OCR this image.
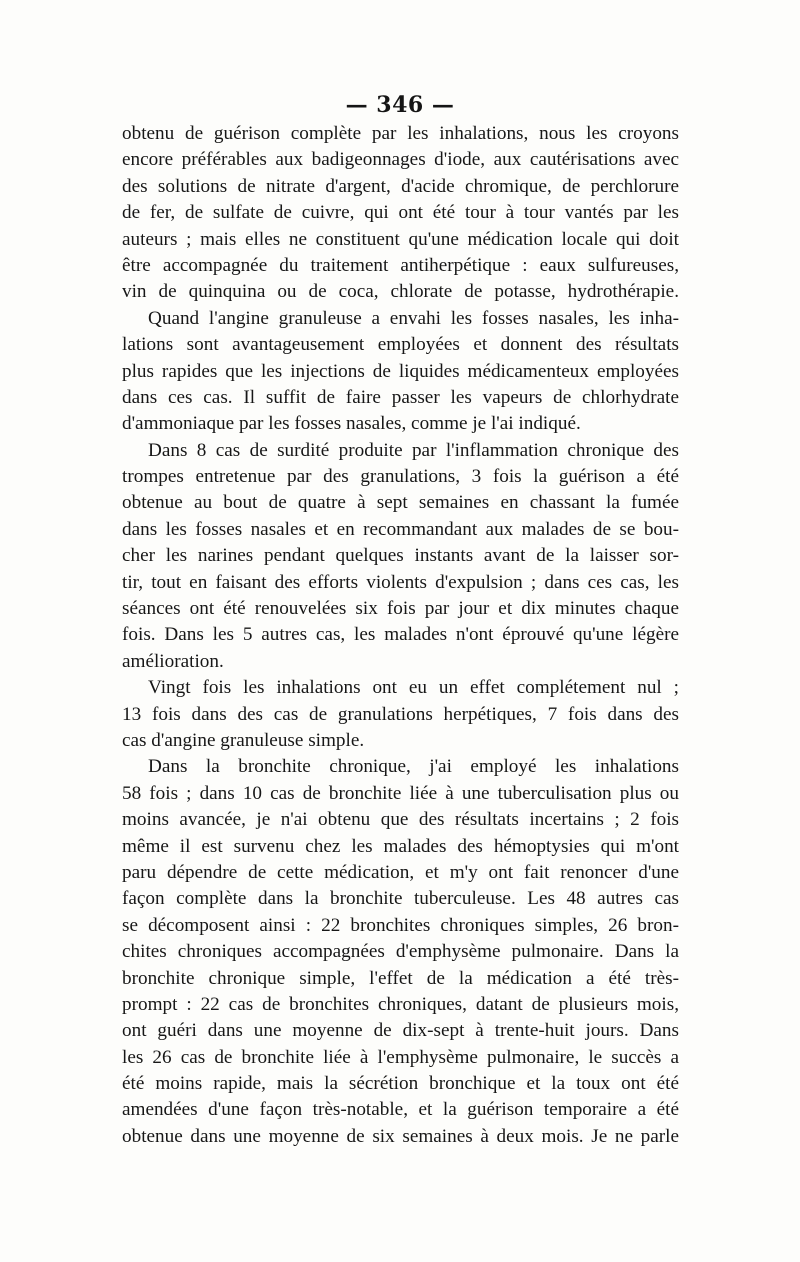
— 346 —
obtenu de guérison complète par les inhalations, nous les croyons
encore préférables aux badigeonnages d'iode, aux cautérisations avec
des solutions de nitrate d'argent, d'acide chromique, de perchlorure
de fer, de sulfate de cuivre, qui ont été tour à tour vantés par les
auteurs ; mais elles ne constituent qu'une médication locale qui doit
être accompagnée du traitement antiherpétique : eaux sulfureuses,
vin de quinquina ou de coca, chlorate de potasse, hydrothérapie.
Quand l'angine granuleuse a envahi les fosses nasales, les inha-
lations sont avantageusement employées et donnent des résultats
plus rapides que les injections de liquides médicamenteux employées
dans ces cas. Il suffit de faire passer les vapeurs de chlorhydrate
d'ammoniaque par les fosses nasales, comme je l'ai indiqué.
Dans 8 cas de surdité produite par l'inflammation chronique des
trompes entretenue par des granulations, 3 fois la guérison a été
obtenue au bout de quatre à sept semaines en chassant la fumée
dans les fosses nasales et en recommandant aux malades de se bou-
cher les narines pendant quelques instants avant de la laisser sor-
tir, tout en faisant des efforts violents d'expulsion ; dans ces cas, les
séances ont été renouvelées six fois par jour et dix minutes chaque
fois. Dans les 5 autres cas, les malades n'ont éprouvé qu'une légère
amélioration.
Vingt fois les inhalations ont eu un effet complétement nul ;
13 fois dans des cas de granulations herpétiques, 7 fois dans des
cas d'angine granuleuse simple.
Dans la bronchite chronique, j'ai employé les inhalations
58 fois ; dans 10 cas de bronchite liée à une tuberculisation plus ou
moins avancée, je n'ai obtenu que des résultats incertains ; 2 fois
même il est survenu chez les malades des hémoptysies qui m'ont
paru dépendre de cette médication, et m'y ont fait renoncer d'une
façon complète dans la bronchite tuberculeuse. Les 48 autres cas
se décomposent ainsi : 22 bronchites chroniques simples, 26 bron-
chites chroniques accompagnées d'emphysème pulmonaire. Dans la
bronchite chronique simple, l'effet de la médication a été très-
prompt : 22 cas de bronchites chroniques, datant de plusieurs mois,
ont guéri dans une moyenne de dix-sept à trente-huit jours. Dans
les 26 cas de bronchite liée à l'emphysème pulmonaire, le succès a
été moins rapide, mais la sécrétion bronchique et la toux ont été
amendées d'une façon très-notable, et la guérison temporaire a été
obtenue dans une moyenne de six semaines à deux mois. Je ne parle
